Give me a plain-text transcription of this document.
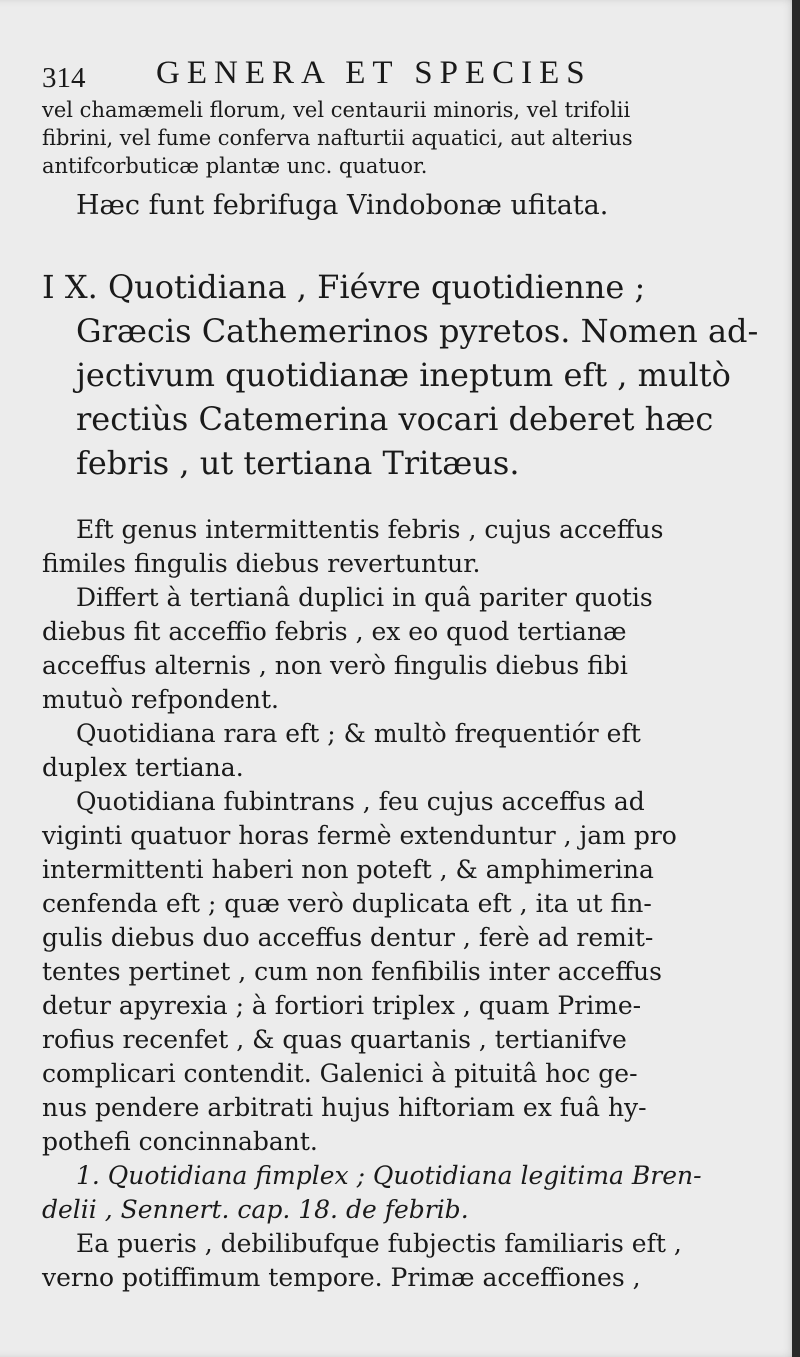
314 GENERA ET SPECIES
vel chamæmeli florum, vel centaurii minoris, vel trifolii
fibrini, vel fume conferva nafturtii aquatici, aut alterius
antifcorbuticæ plantæ unc. quatuor.
Hæc funt febrifuga Vindobonæ ufitata.
I X. Quotidiana , Fiévre quotidienne ;
Græcis Cathemerinos pyretos. Nomen ad-
jectivum quotidianæ ineptum eft , multò
rectiùs Catemerina vocari deberet hæc
febris , ut tertiana Tritæus.
Eft genus intermittentis febris , cujus acceffus
fimiles fingulis diebus revertuntur.
Differt à tertianâ duplici in quâ pariter quotis
diebus fit acceffio febris , ex eo quod tertianæ
acceffus alternis , non verò fingulis diebus fibi
mutuò refpondent.
Quotidiana rara eft ; & multò frequentiór eft
duplex tertiana.
Quotidiana fubintrans , feu cujus acceffus ad
viginti quatuor horas fermè extenduntur , jam pro
intermittenti haberi non poteft , & amphimerina
cenfenda eft ; quæ verò duplicata eft , ita ut fin-
gulis diebus duo acceffus dentur , ferè ad remit-
tentes pertinet , cum non fenfibilis inter acceffus
detur apyrexia ; à fortiori triplex , quam Prime-
rofius recenfet , & quas quartanis , tertianifve
complicari contendit. Galenici à pituitâ hoc ge-
nus pendere arbitrati hujus hiftoriam ex fuâ hy-
pothefi concinnabant.
1. Quotidiana fimplex ; Quotidiana legitima Bren-
delii , Sennert. cap. 18. de febrib.
Ea pueris , debilibufque fubjectis familiaris eft ,
verno potiffimum tempore. Primæ acceffiones ,
